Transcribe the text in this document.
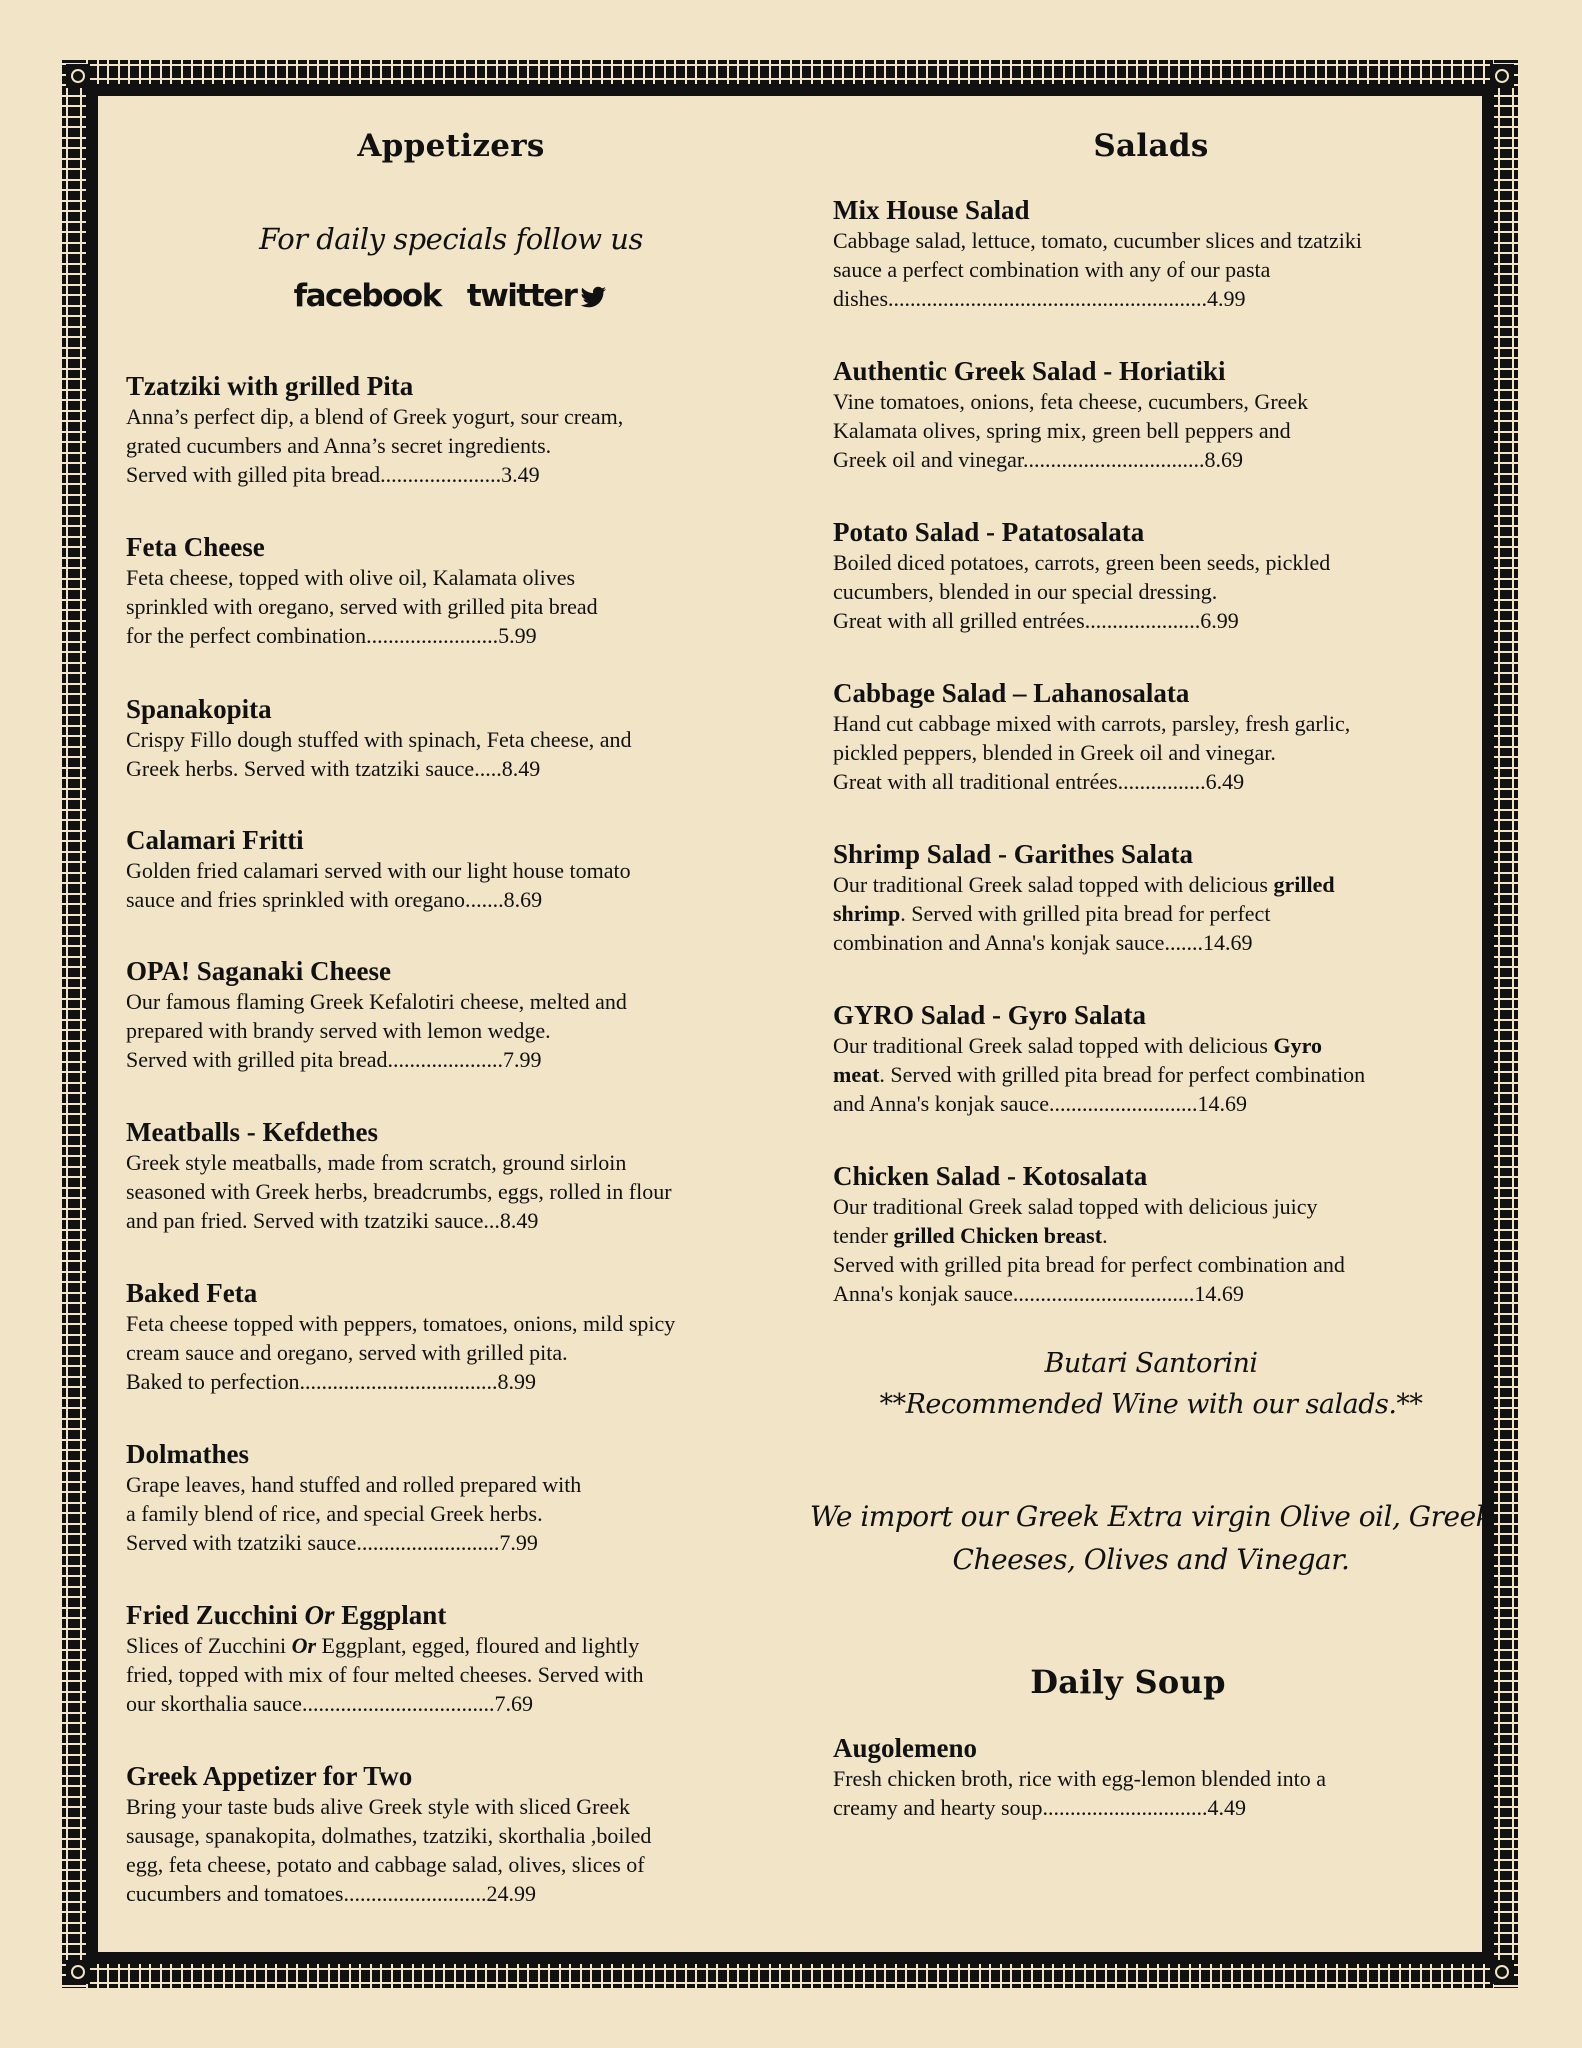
Appetizers
For daily specials follow us
facebook twitter

Tzatziki with grilled Pita

Anna’s perfect dip, a blend of Greek yogurt, sour cream,
grated cucumbers and Anna’s secret ingredients.

Served with gilled pita bread ...................... 3.49

Feta Cheese

Feta cheese, topped with olive oil, Kalamata olives
sprinkled with oregano, served with grilled pita bread

for the perfect combination ........................ 5.99

Spanakopita

Crispy Fillo dough stuffed with spinach, Feta cheese, and

Greek herbs. Served with tzatziki sauce ..... 8.49

Calamari Fritti

Golden fried calamari served with our light house tomato

sauce and fries sprinkled with oregano. ...... 8.69

OPA! Saganaki Cheese

Our famous flaming Greek Kefalotiri cheese, melted and
prepared with brandy served with lemon wedge.

Served with grilled pita bread ..................... 7.99

Meatballs - Kefdethes

Greek style meatballs, made from scratch, ground sirloin
seasoned with Greek herbs, breadcrumbs, eggs, rolled in flour

and pan fried. Served with tzatziki sauce ... 8.49

Baked Feta

Feta cheese topped with peppers, tomatoes, onions, mild spicy
cream sauce and oregano, served with grilled pita.

Baked to perfection .................................... 8.99

Dolmathes

Grape leaves, hand stuffed and rolled prepared with
a family blend of rice, and special Greek herbs.

Served with tzatziki sauce .......................... 7.99

Fried Zucchini Or Eggplant

Slices of Zucchini Or Eggplant, egged, floured and lightly
fried, topped with mix of four melted cheeses. Served with

our skorthalia sauce ................................... 7.69

Greek Appetizer for Two

Bring your taste buds alive Greek style with sliced Greek
sausage, spanakopita, dolmathes, tzatziki, skorthalia ,boiled
egg, feta cheese, potato and cabbage salad, olives, slices of

cucumbers and tomatoes. ......................... 24.99
Salads

Mix House Salad

Cabbage salad, lettuce, tomato, cucumber slices and tzatziki
sauce a perfect combination with any of our pasta

dishes .......................................................... 4.99

Authentic Greek Salad - Horiatiki

Vine tomatoes, onions, feta cheese, cucumbers, Greek
Kalamata olives, spring mix, green bell peppers and

Greek oil and vinegar. ................................ 8.69

Potato Salad - Patatosalata

Boiled diced potatoes, carrots, green been seeds, pickled
cucumbers, blended in our special dressing.

Great with all grilled entrées ..................... 6.99

Cabbage Salad – Lahanosalata

Hand cut cabbage mixed with carrots, parsley, fresh garlic,
pickled peppers, blended in Greek oil and vinegar.

Great with all traditional entrées ................ 6.49

Shrimp Salad - Garithes Salata

Our traditional Greek salad topped with delicious grilled
shrimp. Served with grilled pita bread for perfect

combination and Anna's konjak sauce ....... 14.69

GYRO Salad - Gyro Salata

Our traditional Greek salad topped with delicious Gyro
meat. Served with grilled pita bread for perfect combination

and Anna's konjak sauce ........................... 14.69

Chicken Salad - Kotosalata

Our traditional Greek salad topped with delicious juicy
tender grilled Chicken breast.
Served with grilled pita bread for perfect combination and

Anna's konjak sauce ................................. 14.69
Butari Santorini
**Recommended Wine with our salads.**
We import our Greek Extra virgin Olive oil, Greek
Cheeses, Olives and Vinegar.
Daily Soup

Augolemeno

Fresh chicken broth, rice with egg-lemon blended into a

creamy and hearty soup .............................. 4.49
